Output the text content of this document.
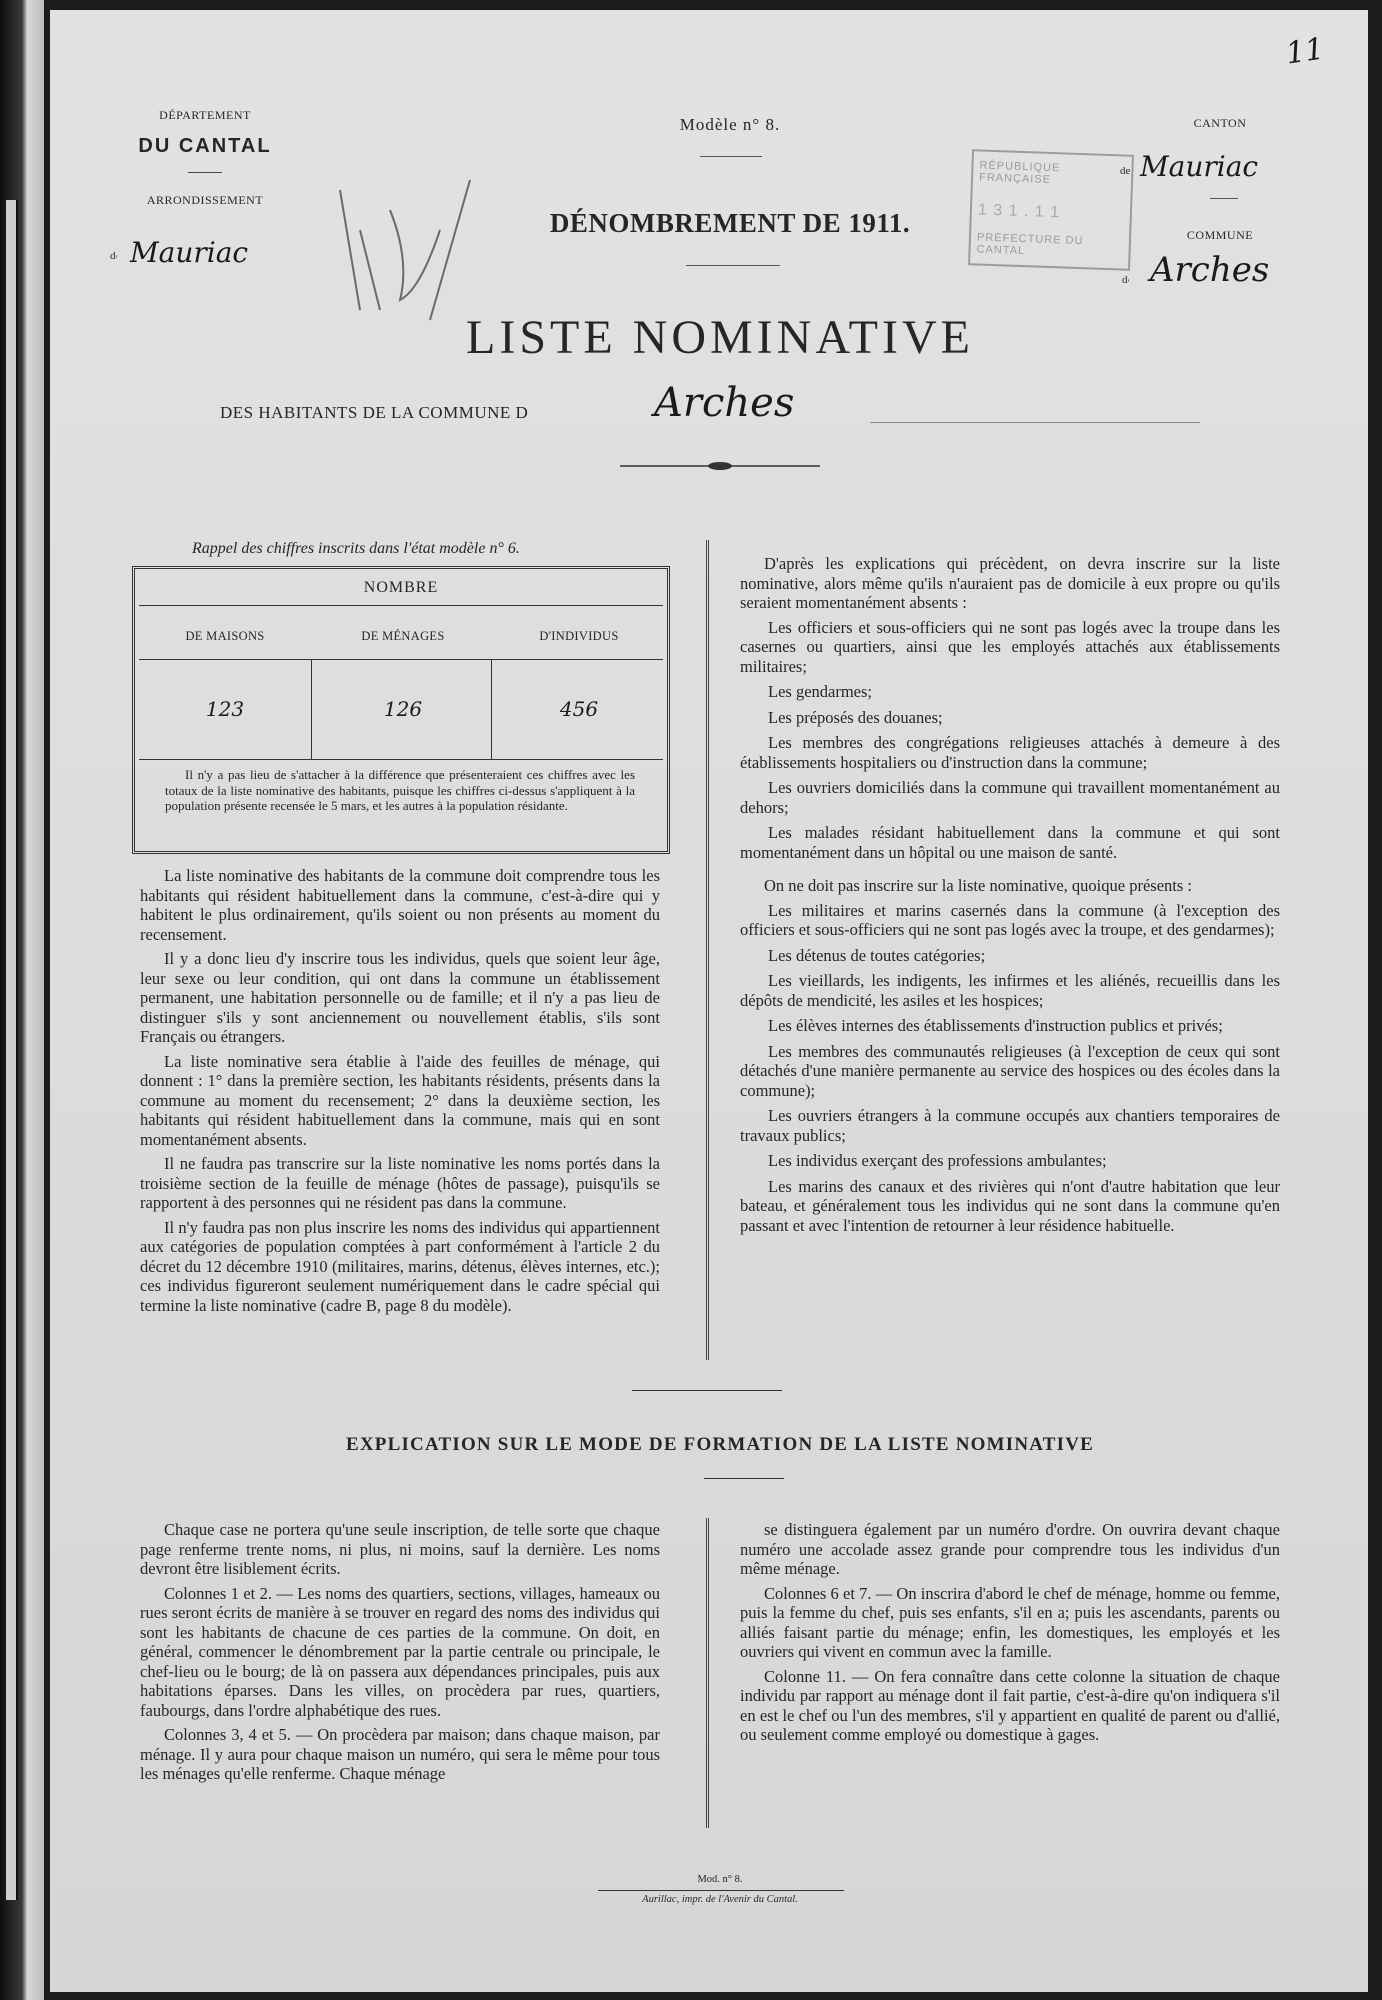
11
DÉPARTEMENT
DU CANTAL
ARRONDISSEMENT
$d'$ Mauriac
Modèle n° 8.
DÉNOMBREMENT DE 1911.
RÉPUBLIQUE FRANÇAISE
1 3 1 . 1 1
PRÉFECTURE DU CANTAL
CANTON
de Mauriac
COMMUNE
$d'$ Arches
LISTE NOMINATIVE
DES HABITANTS DE LA COMMUNE D	Arches
Rappel des chiffres inscrits dans l'état modèle n° 6.
NOMBRE
DE MAISONS	DE MÉNAGES	D'INDIVIDUS
123	126	456
Il n'y a pas lieu de s'attacher à la différence que présenteraient ces chiffres avec les totaux de la liste nominative des habitants, puisque les chiffres ci-dessus s'appliquent à la population présente recensée le 5 mars, et les autres à la population résidante.

La liste nominative des habitants de la commune doit comprendre tous les habitants qui résident habituellement dans la commune, c'est-à-dire qui y habitent le plus ordinairement, qu'ils soient ou non présents au moment du recensement.

Il y a donc lieu d'y inscrire tous les individus, quels que soient leur âge, leur sexe ou leur condition, qui ont dans la commune un établissement permanent, une habitation personnelle ou de famille; et il n'y a pas lieu de distinguer s'ils y sont anciennement ou nouvellement établis, s'ils sont Français ou étrangers.

La liste nominative sera établie à l'aide des feuilles de ménage, qui donnent : 1° dans la première section, les habitants résidents, présents dans la commune au moment du recensement; 2° dans la deuxième section, les habitants qui résident habituellement dans la commune, mais qui en sont momentanément absents.

Il ne faudra pas transcrire sur la liste nominative les noms portés dans la troisième section de la feuille de ménage (hôtes de passage), puisqu'ils se rapportent à des personnes qui ne résident pas dans la commune.

Il n'y faudra pas non plus inscrire les noms des individus qui appartiennent aux catégories de population comptées à part conformément à l'article 2 du décret du 12 décembre 1910 (militaires, marins, détenus, élèves internes, etc.); ces individus figureront seulement numériquement dans le cadre spécial qui termine la liste nominative (cadre B, page 8 du modèle).

D'après les explications qui précèdent, on devra inscrire sur la liste nominative, alors même qu'ils n'auraient pas de domicile à eux propre ou qu'ils seraient momentanément absents :

Les officiers et sous-officiers qui ne sont pas logés avec la troupe dans les casernes ou quartiers, ainsi que les employés attachés aux établissements militaires;

Les gendarmes;

Les préposés des douanes;

Les membres des congrégations religieuses attachés à demeure à des établissements hospitaliers ou d'instruction dans la commune;

Les ouvriers domiciliés dans la commune qui travaillent momentanément au dehors;

Les malades résidant habituellement dans la commune et qui sont momentanément dans un hôpital ou une maison de santé.

On ne doit pas inscrire sur la liste nominative, quoique présents :

Les militaires et marins casernés dans la commune (à l'exception des officiers et sous-officiers qui ne sont pas logés avec la troupe, et des gendarmes);

Les détenus de toutes catégories;

Les vieillards, les indigents, les infirmes et les aliénés, recueillis dans les dépôts de mendicité, les asiles et les hospices;

Les élèves internes des établissements d'instruction publics et privés;

Les membres des communautés religieuses (à l'exception de ceux qui sont détachés d'une manière permanente au service des hospices ou des écoles dans la commune);

Les ouvriers étrangers à la commune occupés aux chantiers temporaires de travaux publics;

Les individus exerçant des professions ambulantes;

Les marins des canaux et des rivières qui n'ont d'autre habitation que leur bateau, et généralement tous les individus qui ne sont dans la commune qu'en passant et avec l'intention de retourner à leur résidence habituelle.

EXPLICATION SUR LE MODE DE FORMATION DE LA LISTE NOMINATIVE

Chaque case ne portera qu'une seule inscription, de telle sorte que chaque page renferme trente noms, ni plus, ni moins, sauf la dernière. Les noms devront être lisiblement écrits.

Colonnes 1 et 2. — Les noms des quartiers, sections, villages, hameaux ou rues seront écrits de manière à se trouver en regard des noms des individus qui sont les habitants de chacune de ces parties de la commune. On doit, en général, commencer le dénombrement par la partie centrale ou principale, le chef-lieu ou le bourg; de là on passera aux dépendances principales, puis aux habitations éparses. Dans les villes, on procèdera par rues, quartiers, faubourgs, dans l'ordre alphabétique des rues.

Colonnes 3, 4 et 5. — On procèdera par maison; dans chaque maison, par ménage. Il y aura pour chaque maison un numéro, qui sera le même pour tous les ménages qu'elle renferme. Chaque ménage

se distinguera également par un numéro d'ordre. On ouvrira devant chaque numéro une accolade assez grande pour comprendre tous les individus d'un même ménage.

Colonnes 6 et 7. — On inscrira d'abord le chef de ménage, homme ou femme, puis la femme du chef, puis ses enfants, s'il en a; puis les ascendants, parents ou alliés faisant partie du ménage; enfin, les domestiques, les employés et les ouvriers qui vivent en commun avec la famille.

Colonne 11. — On fera connaître dans cette colonne la situation de chaque individu par rapport au ménage dont il fait partie, c'est-à-dire qu'on indiquera s'il en est le chef ou l'un des membres, s'il y appartient en qualité de parent ou d'allié, ou seulement comme employé ou domestique à gages.

Mod. n° 8.
Aurillac, impr. de l'Avenir du Cantal.
